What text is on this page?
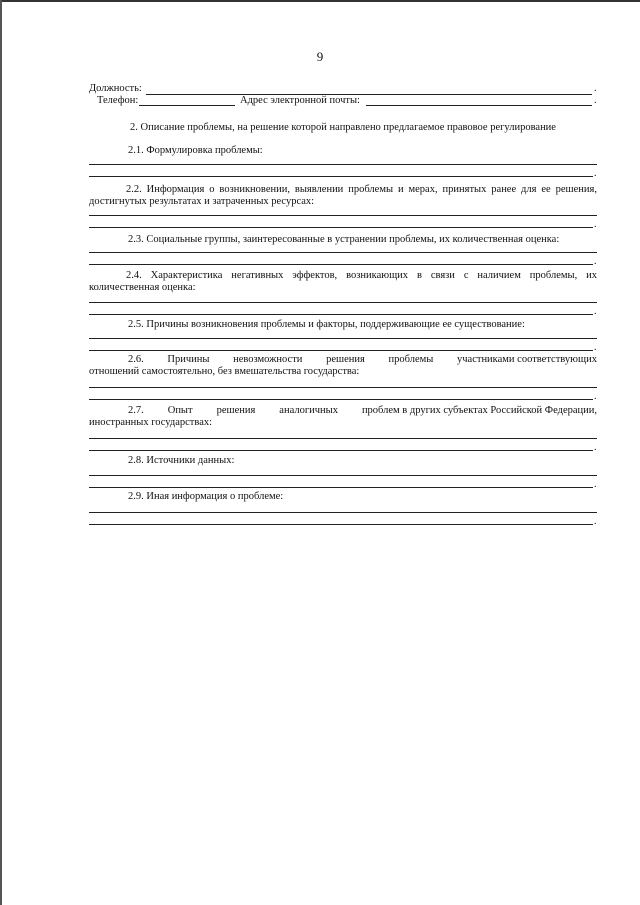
9
Должность:	.
Телефон:	Адрес электронной почты:	.
2. Описание проблемы, на решение которой направлено предлагаемое правовое регулирование
2.1. Формулировка проблемы:
.
2.2. Информация о возникновении, выявлении проблемы и мерах, принятых ранее для ее решения, достигнутых результатах и затраченных ресурсах:
.
2.3. Социальные группы, заинтересованные в устранении проблемы, их количественная оценка:
.
2.4. Характеристика негативных эффектов, возникающих в связи с наличием проблемы, их количественная оценка:
.
2.5. Причины возникновения проблемы и факторы, поддерживающие ее существование:
.
2.6. Причины невозможности решения проблемы участниками соответствующих
отношений самостоятельно, без вмешательства государства:
.
2.7. Опыт решения аналогичных проблем в других субъектах Российской Федерации,
иностранных государствах:
.
2.8. Источники данных:
.
2.9. Иная информация о проблеме:
.
